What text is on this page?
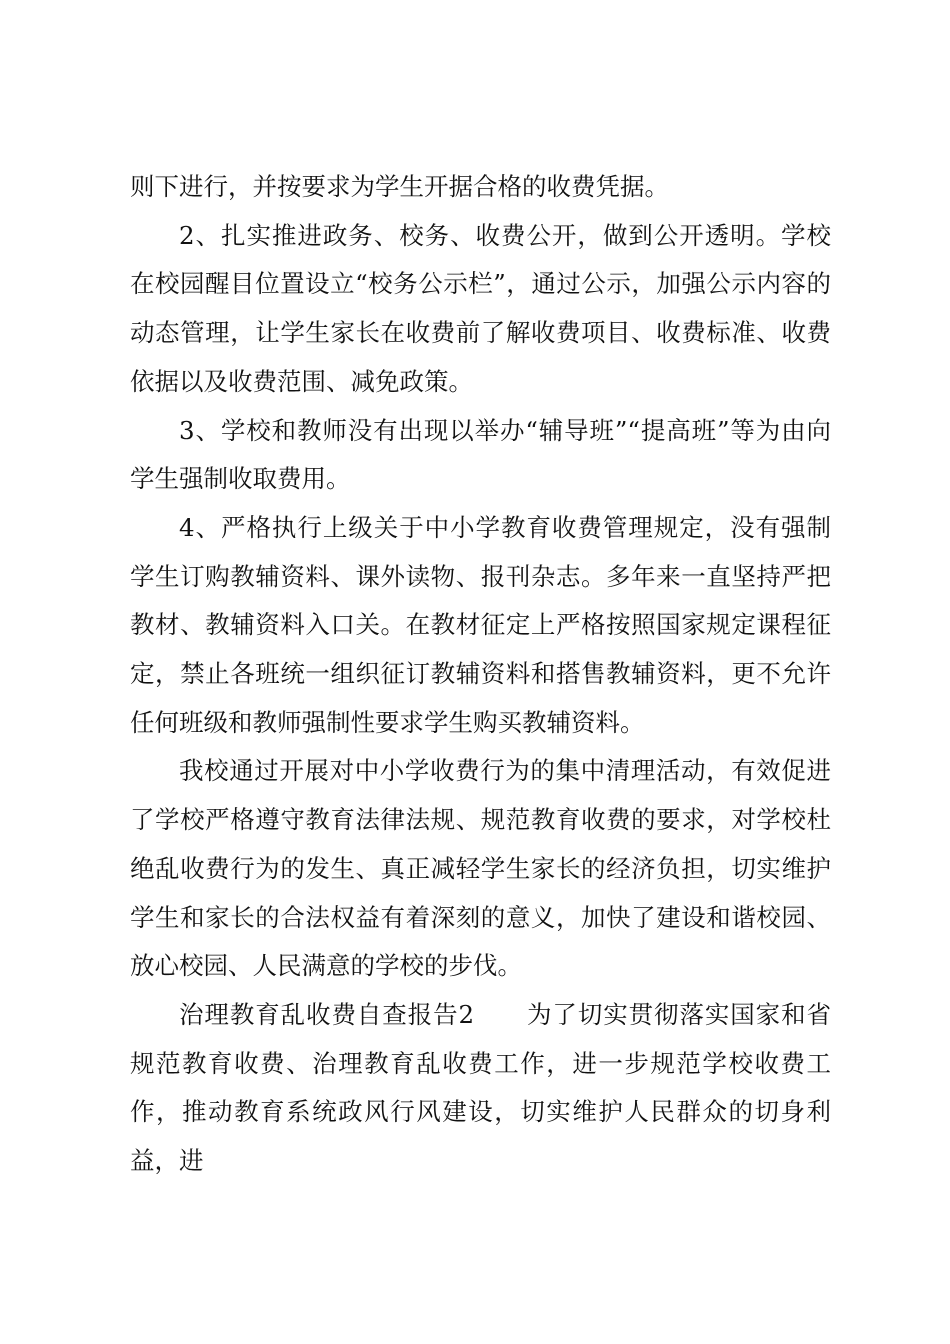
则下进行，并按要求为学生开据合格的收费凭据。

2、扎实推进政务、校务、收费公开，做到公开透明。学校在校园醒目位置设立“校务公示栏”，通过公示，加强公示内容的动态管理，让学生家长在收费前了解收费项目、收费标准、收费依据以及收费范围、减免政策。

3、学校和教师没有出现以举办“辅导班”“提高班”等为由向学生强制收取费用。

4、严格执行上级关于中小学教育收费管理规定，没有强制学生订购教辅资料、课外读物、报刊杂志。多年来一直坚持严把教材、教辅资料入口关。在教材征定上严格按照国家规定课程征定，禁止各班统一组织征订教辅资料和搭售教辅资料，更不允许任何班级和教师强制性要求学生购买教辅资料。

我校通过开展对中小学收费行为的集中清理活动，有效促进了学校严格遵守教育法律法规、规范教育收费的要求，对学校杜绝乱收费行为的发生、真正减轻学生家长的经济负担，切实维护学生和家长的合法权益有着深刻的意义，加快了建设和谐校园、放心校园、人民满意的学校的步伐。

治理教育乱收费自查报告2 为了切实贯彻落实国家和省规范教育收费、治理教育乱收费工作，进一步规范学校收费工作，推动教育系统政风行风建设，切实维护人民群众的切身利益，进
